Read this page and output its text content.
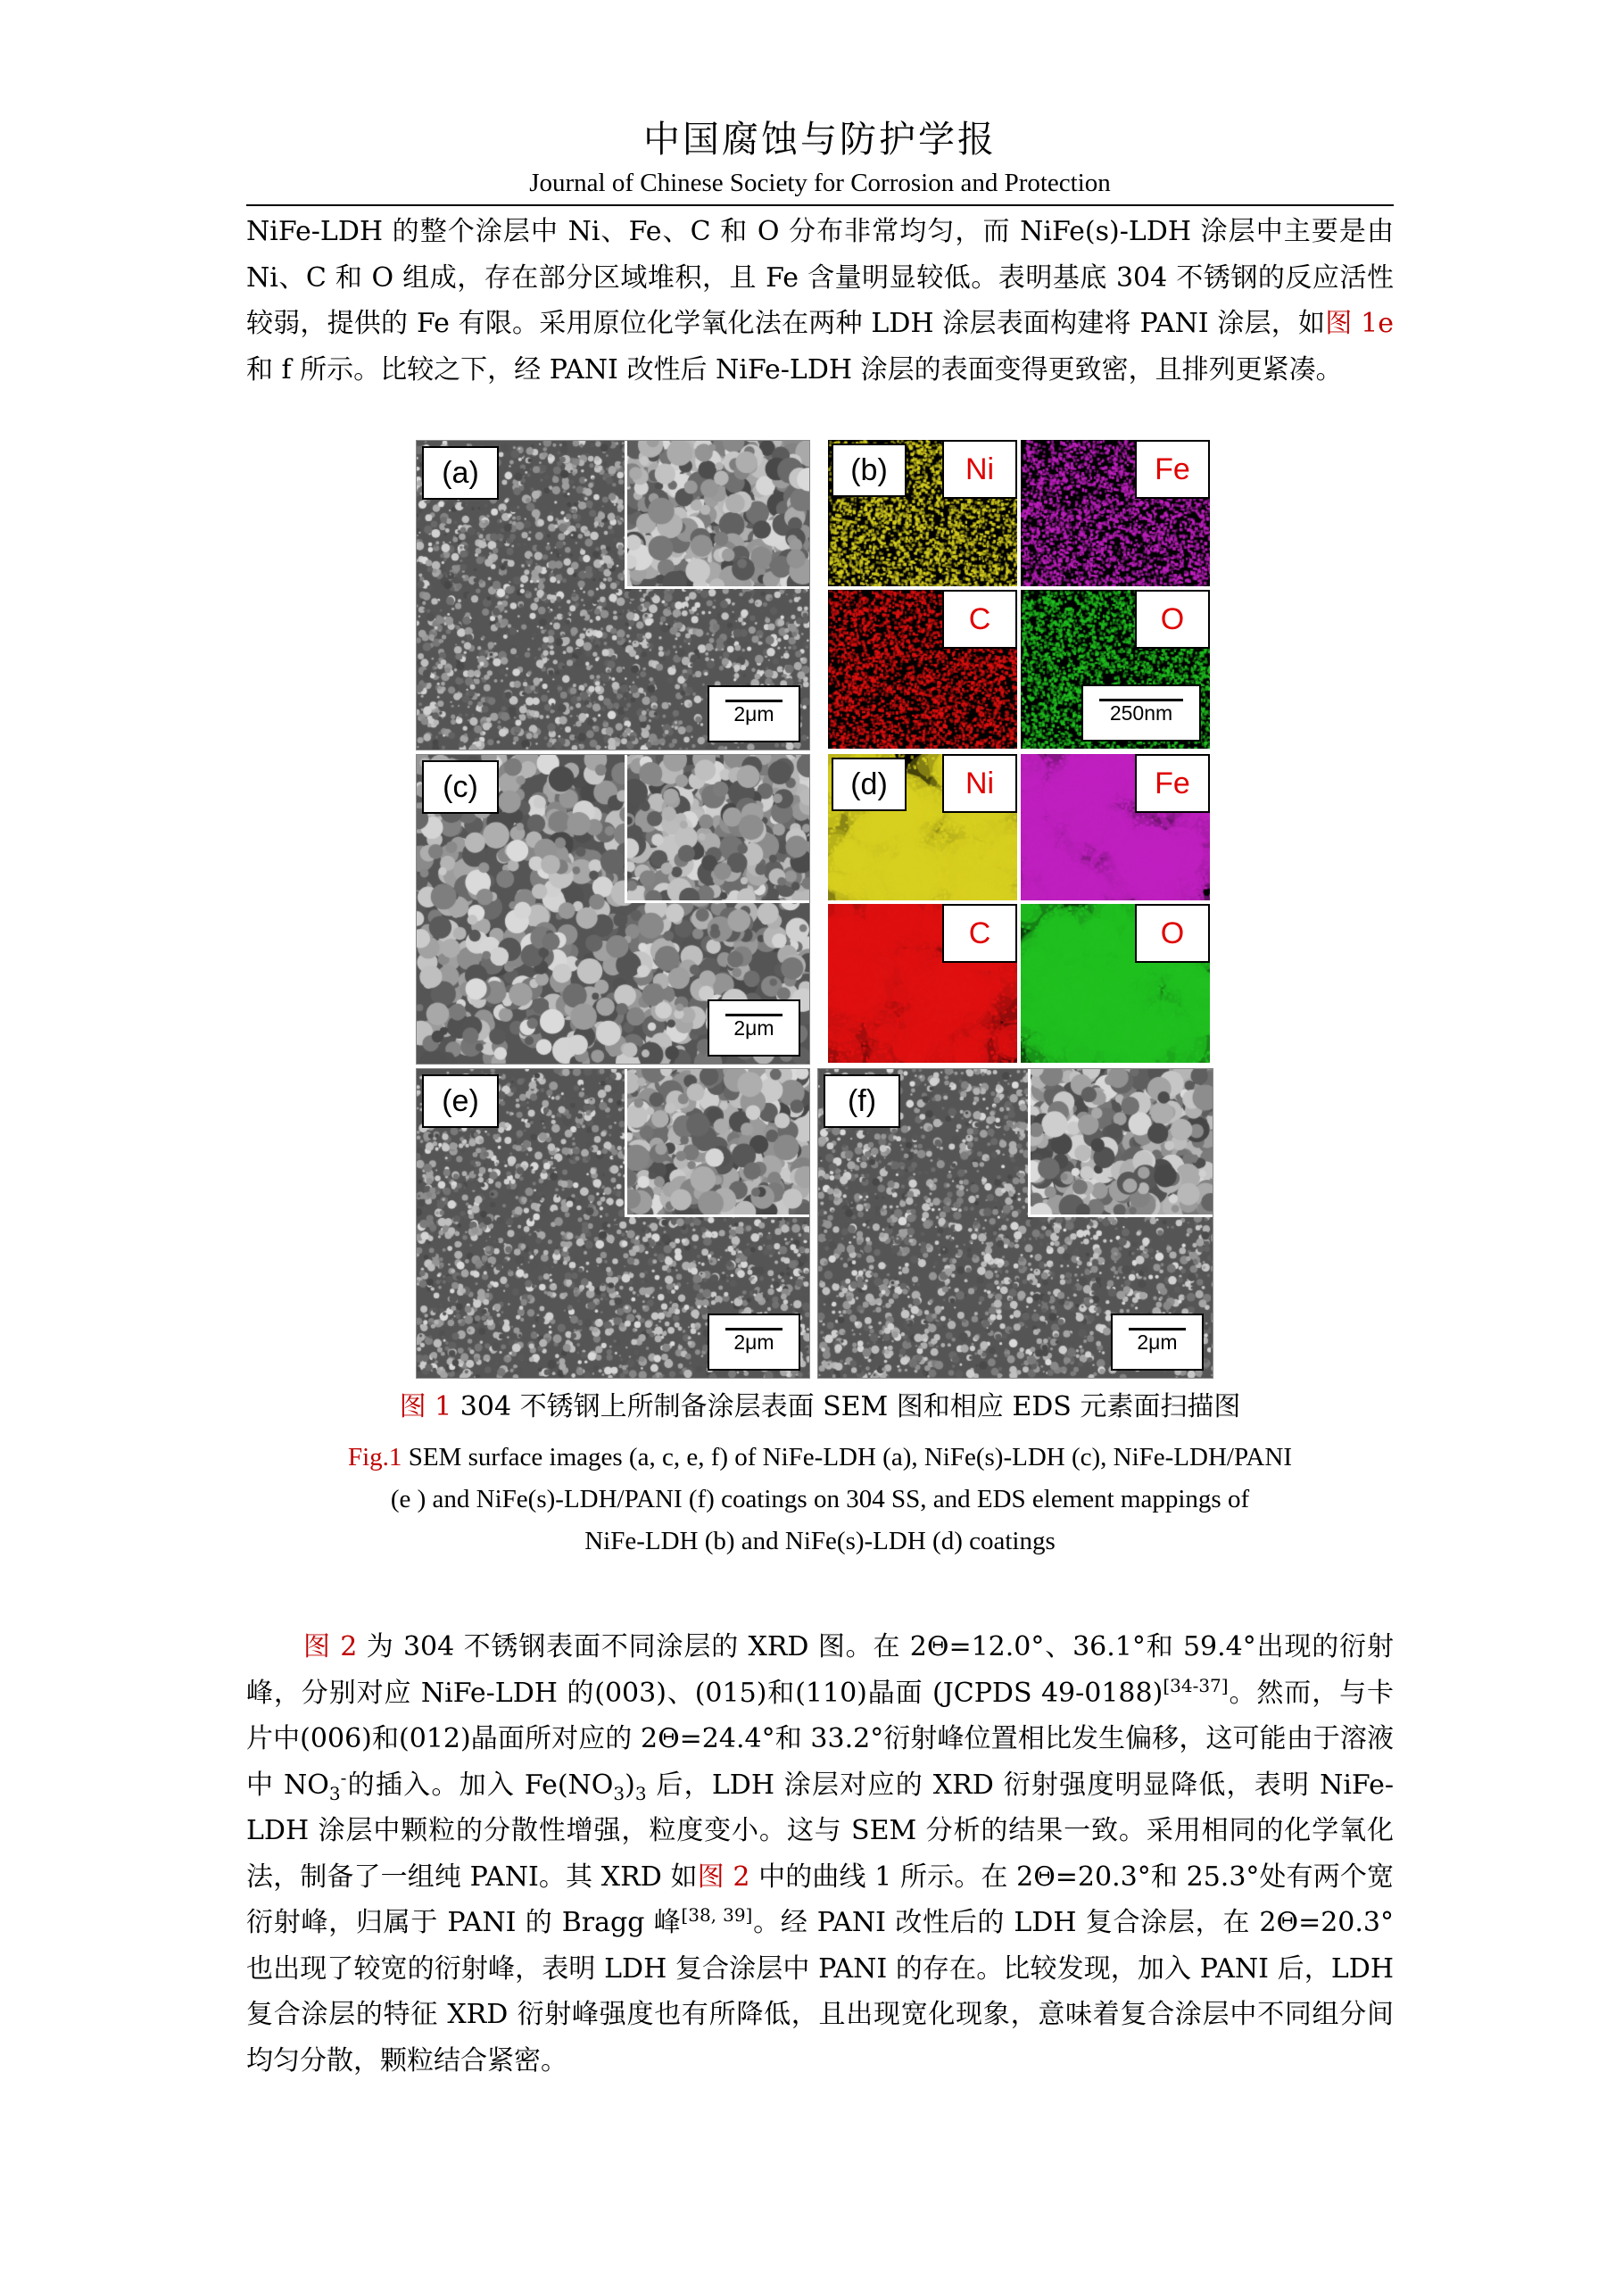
中国腐蚀与防护学报
Journal of Chinese Society for Corrosion and Protection

NiFe-LDH 的整个涂层中 Ni、Fe、C 和 O 分布非常均匀，而 NiFe(s)-LDH 涂层中主要是由 Ni、C 和 O 组成，存在部分区域堆积，且 Fe 含量明显较低。表明基底 304 不锈钢的反应活性较弱，提供的 Fe 有限。采用原位化学氧化法在两种 LDH 涂层表面构建将 PANI 涂层，如图 1e 和 f 所示。比较之下，经 PANI 改性后 NiFe-LDH 涂层的表面变得更致密，且排列更紧凑。

(a)
2μm
(b)	Ni	Fe
C	O
250nm
(c)
2μm
(d)	Ni	Fe
C	O
(e)
2μm
(f)
2μm
图 1 304 不锈钢上所制备涂层表面 SEM 图和相应 EDS 元素面扫描图
Fig.1 SEM surface images (a, c, e, f) of NiFe-LDH (a), NiFe(s)-LDH (c), NiFe-LDH/PANI
(e ) and NiFe(s)-LDH/PANI (f) coatings on 304 SS, and EDS element mappings of
NiFe-LDH (b) and NiFe(s)-LDH (d) coatings

图 2 为 304 不锈钢表面不同涂层的 XRD 图。在 2Θ=12.0°、36.1°和 59.4°出现的衍射峰，分别对应 NiFe-LDH 的(003)、(015)和(110)晶面 (JCPDS 49-0188)[34-37]。然而，与卡片中(006)和(012)晶面所对应的 2Θ=24.4°和 33.2°衍射峰位置相比发生偏移，这可能由于溶液中 $NO_3^-$的插入。加入 $Fe(NO_3)_3$ 后，LDH 涂层对应的 XRD 衍射强度明显降低，表明 NiFe-LDH 涂层中颗粒的分散性增强，粒度变小。这与 SEM 分析的结果一致。采用相同的化学氧化法，制备了一组纯 PANI。其 XRD 如图 2 中的曲线 1 所示。在 2Θ=20.3°和 25.3°处有两个宽衍射峰，归属于 PANI 的 Bragg 峰[38, 39]。经 PANI 改性后的 LDH 复合涂层，在 2Θ=20.3°也出现了较宽的衍射峰，表明 LDH 复合涂层中 PANI 的存在。比较发现，加入 PANI 后，LDH 复合涂层的特征 XRD 衍射峰强度也有所降低，且出现宽化现象，意味着复合涂层中不同组分间均匀分散，颗粒结合紧密。
